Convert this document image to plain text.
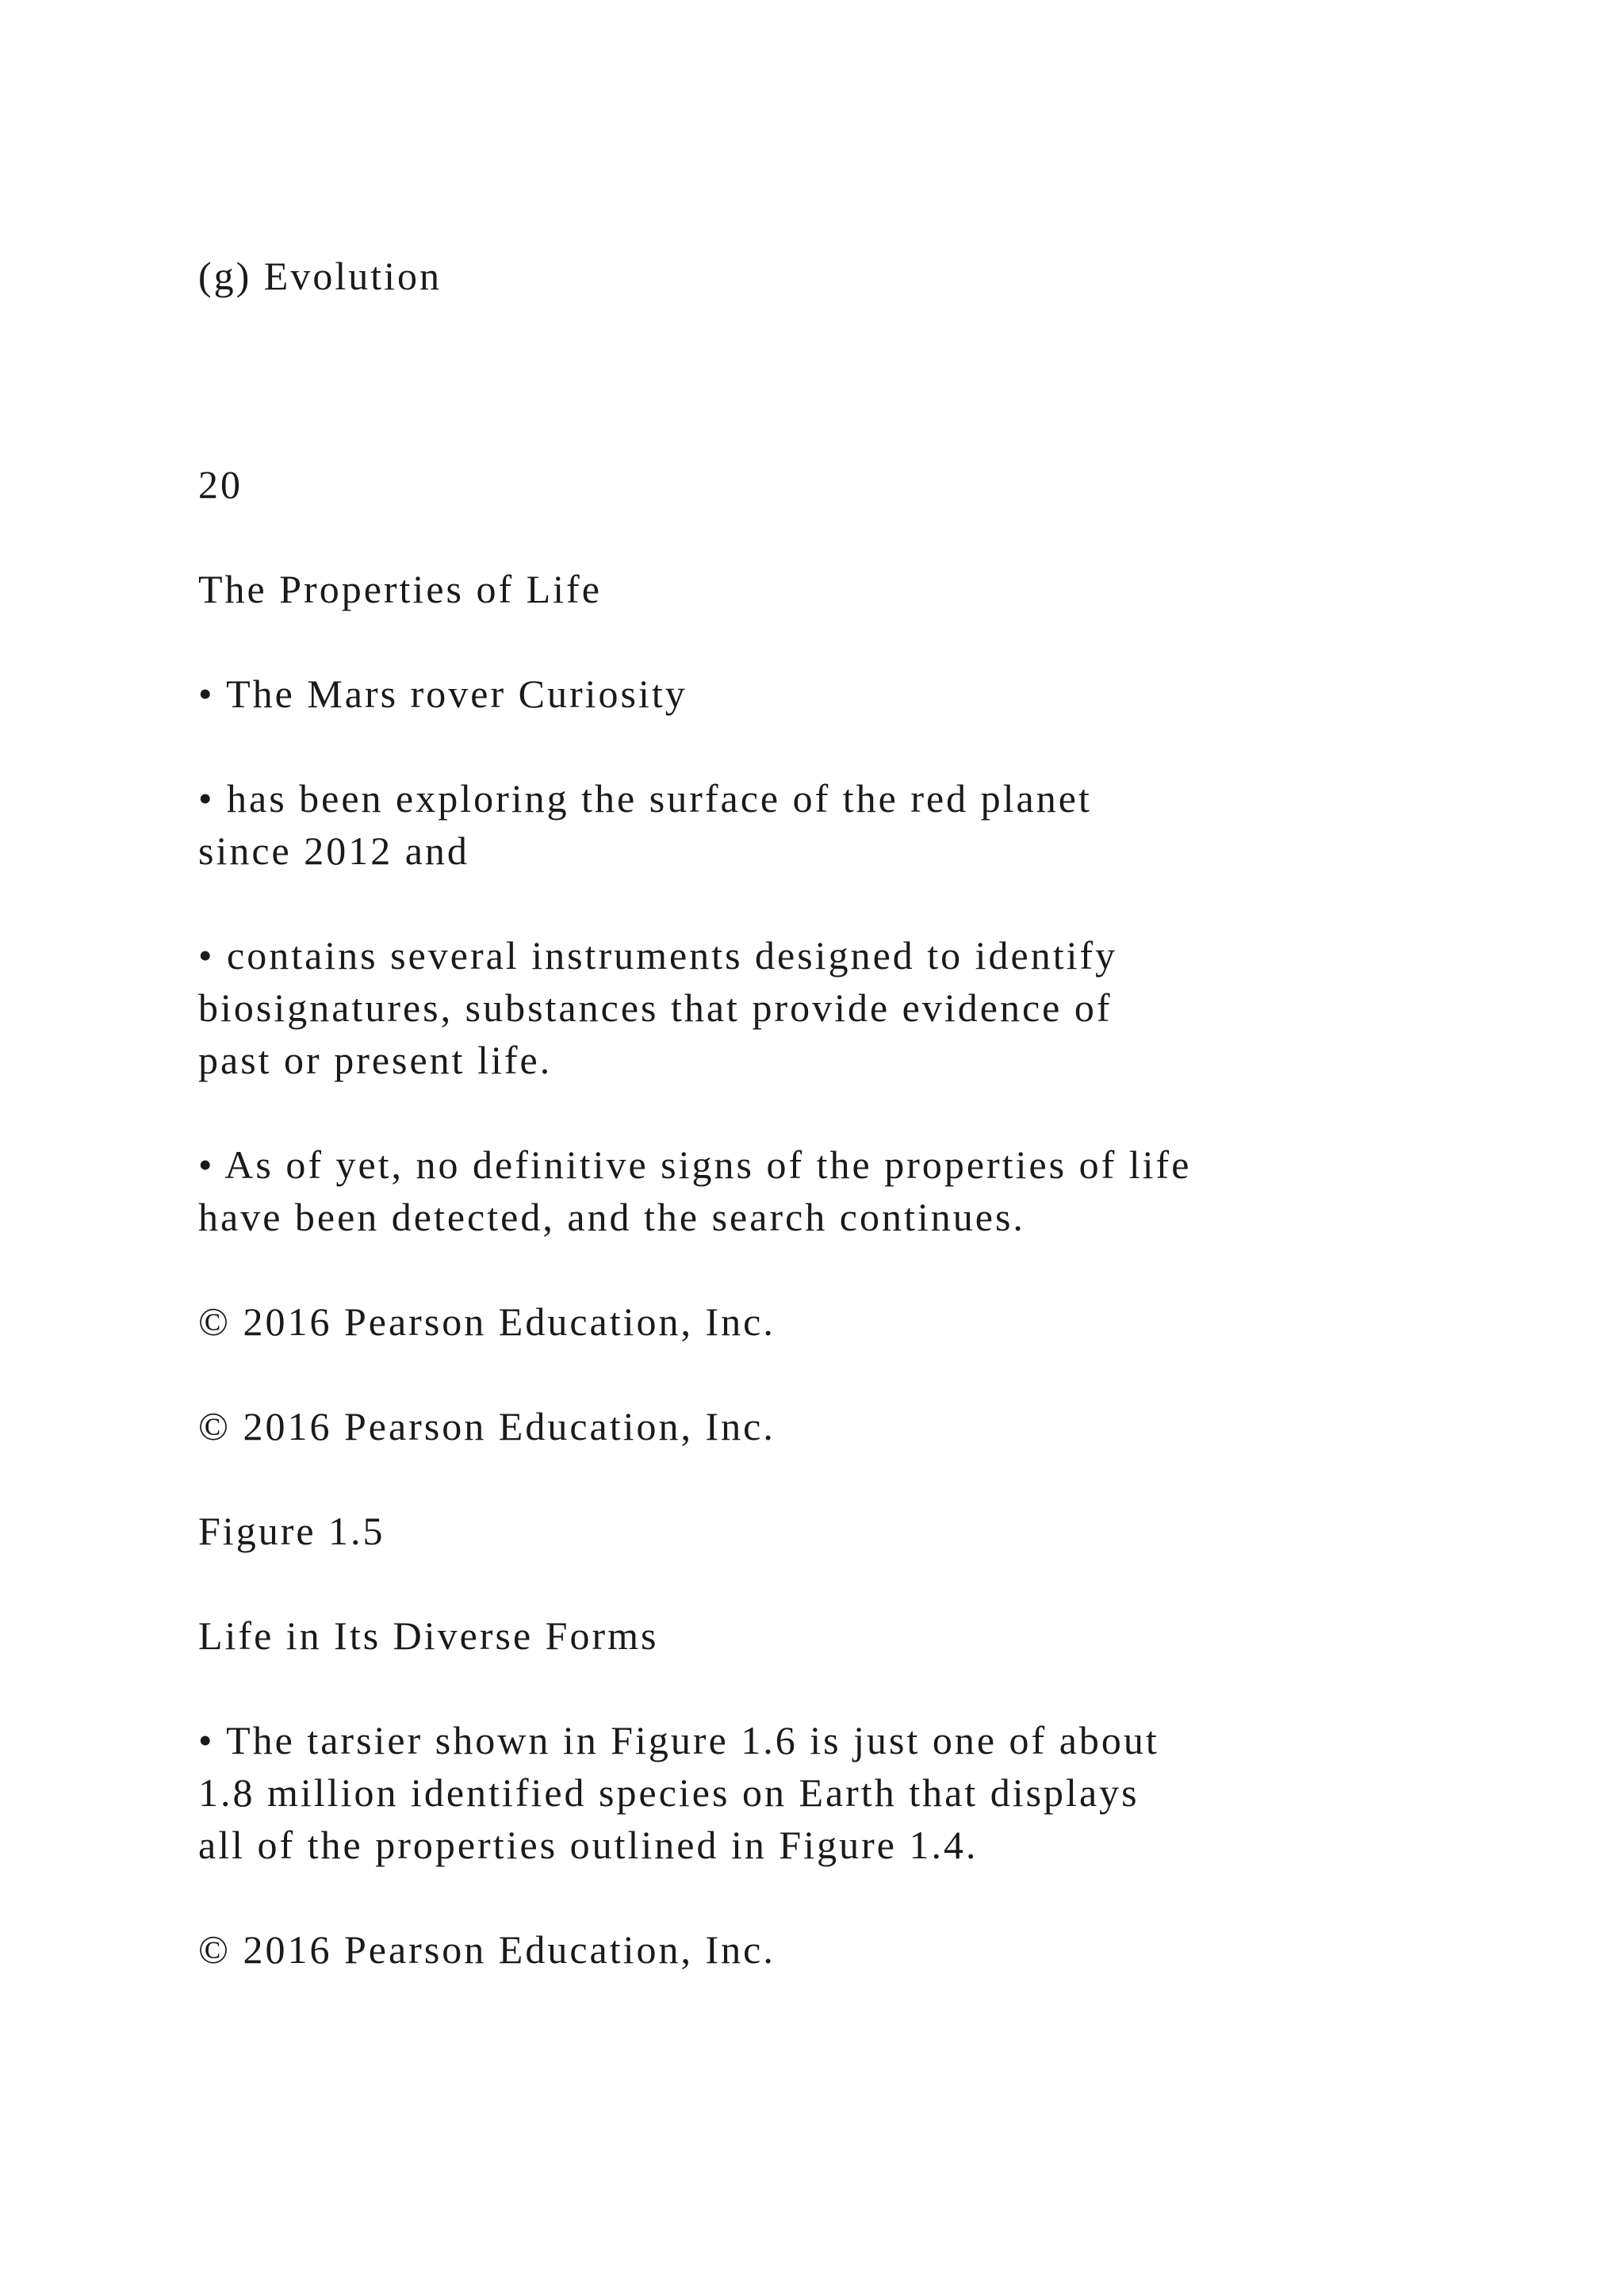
(g) Evolution

20

The Properties of Life

• The Mars rover Curiosity

• has been exploring the surface of the red planet

since 2012 and

• contains several instruments designed to identify

biosignatures, substances that provide evidence of

past or present life.

• As of yet, no definitive signs of the properties of life

have been detected, and the search continues.

© 2016 Pearson Education, Inc.

© 2016 Pearson Education, Inc.

Figure 1.5

Life in Its Diverse Forms

• The tarsier shown in Figure 1.6 is just one of about

1.8 million identified species on Earth that displays

all of the properties outlined in Figure 1.4.

© 2016 Pearson Education, Inc.
